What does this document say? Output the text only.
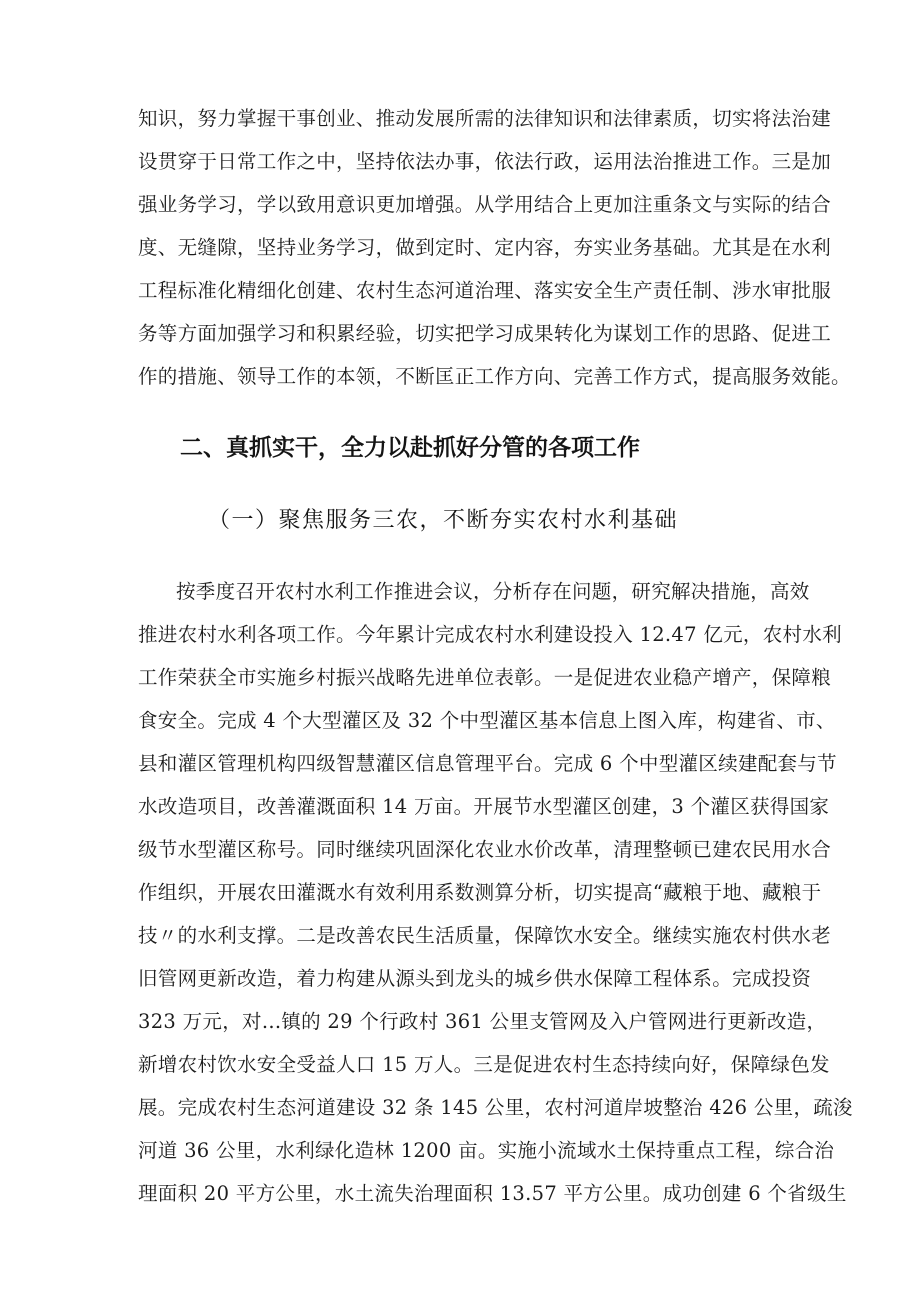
知识，努力掌握干事创业、推动发展所需的法律知识和法律素质，切实将法治建
设贯穿于日常工作之中，坚持依法办事，依法行政，运用法治推进工作。三是加
强业务学习，学以致用意识更加增强。从学用结合上更加注重条文与实际的结合
度、无缝隙，坚持业务学习，做到定时、定内容，夯实业务基础。尤其是在水利
工程标准化精细化创建、农村生态河道治理、落实安全生产责任制、涉水审批服
务等方面加强学习和积累经验，切实把学习成果转化为谋划工作的思路、促进工
作的措施、领导工作的本领，不断匡正工作方向、完善工作方式，提高服务效能。
二、真抓实干，全力以赴抓好分管的各项工作
（一）聚焦服务三农，不断夯实农村水利基础
按季度召开农村水利工作推进会议，分析存在问题，研究解决措施，高效
推进农村水利各项工作。今年累计完成农村水利建设投入 12.47 亿元，农村水利
工作荣获全市实施乡村振兴战略先进单位表彰。一是促进农业稳产增产，保障粮
食安全。完成 4 个大型灌区及 32 个中型灌区基本信息上图入库，构建省、市、
县和灌区管理机构四级智慧灌区信息管理平台。完成 6 个中型灌区续建配套与节
水改造项目，改善灌溉面积 14 万亩。开展节水型灌区创建，3 个灌区获得国家
级节水型灌区称号。同时继续巩固深化农业水价改革，清理整顿已建农民用水合
作组织，开展农田灌溉水有效利用系数测算分析，切实提高“藏粮于地、藏粮于
技〃的水利支撑。二是改善农民生活质量，保障饮水安全。继续实施农村供水老
旧管网更新改造，着力构建从源头到龙头的城乡供水保障工程体系。完成投资
323 万元，对...镇的 29 个行政村 361 公里支管网及入户管网进行更新改造，
新增农村饮水安全受益人口 15 万人。三是促进农村生态持续向好，保障绿色发
展。完成农村生态河道建设 32 条 145 公里，农村河道岸坡整治 426 公里，疏浚
河道 36 公里，水利绿化造林 1200 亩。实施小流域水土保持重点工程，综合治
理面积 20 平方公里，水土流失治理面积 13.57 平方公里。成功创建 6 个省级生
